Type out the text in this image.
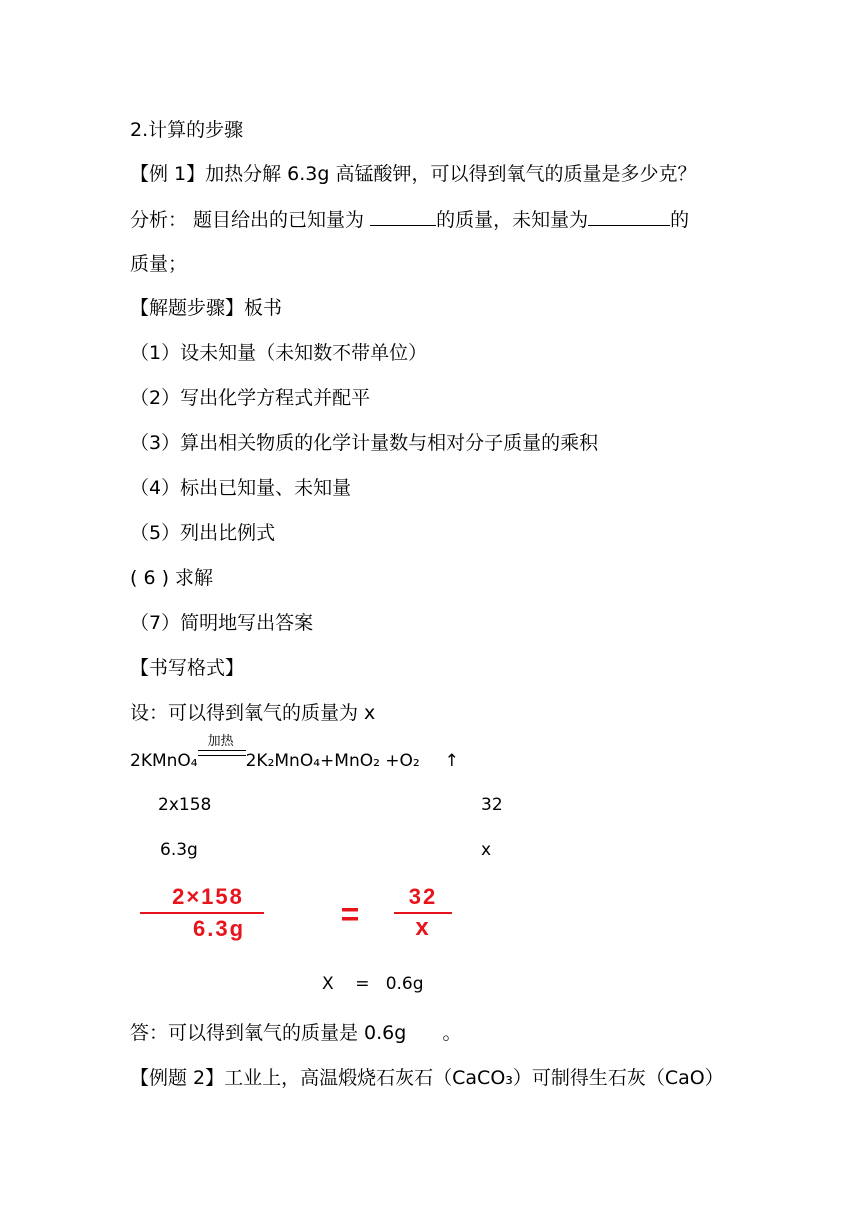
2.计算的步骤
【例 1】加热分解 6.3g 高锰酸钾，可以得到氧气的质量是多少克？
分析： 题目给出的已知量为	的质量，未知量为	的
质量；
【解题步骤】板书
（1）设未知量（未知数不带单位）
（2）写出化学方程式并配平
（3）算出相关物质的化学计量数与相对分子质量的乘积
（4）标出已知量、未知量
（5）列出比例式
( 6 ) 求解
（7）简明地写出答案
【书写格式】
设：可以得到氧气的质量为 x
2KMnO₄
加热
2K₂MnO₄+MnO₂ +O₂ ↑
2x158	32
6.3g	x
2×158
6.3g	=	32
x
X    =   0.6g
答：可以得到氧气的质量是 0.6g      。
【例题 2】工业上，高温煅烧石灰石（CaCO₃）可制得生石灰（CaO）
